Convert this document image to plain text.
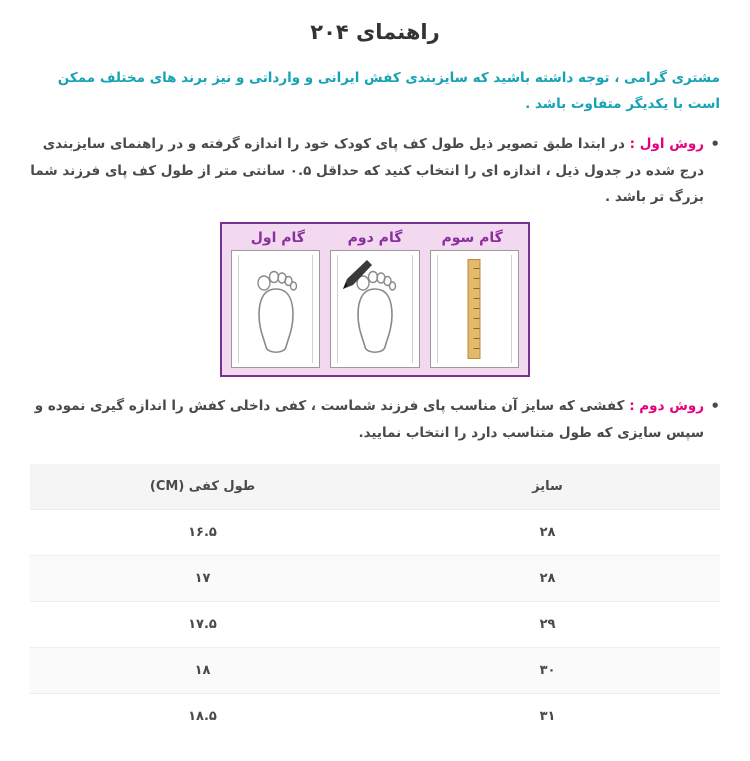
راهنمای ۲۰۴

مشتری گرامی ، توجه داشته باشید که سایزبندی کفش ایرانی و وارداتی و نیز برند های مختلف ممکن است با یکدیگر متفاوت باشد .

• روش اول : در ابتدا طبق تصویر ذیل طول کف پای کودک خود را اندازه گرفته و در راهنمای سایزبندی درج شده در جدول ذیل ، اندازه ای را انتخاب کنید که حداقل ۰.۵ سانتی متر از طول کف پای فرزند شما بزرگ تر باشد .
گام سوم
گام دوم
گام اول
• روش دوم : کفشی که سایز آن مناسب پای فرزند شماست ، کفی داخلی کفش را اندازه گیری نموده و سپس سایزی که طول متناسب دارد را انتخاب نمایید.
سایز	طول کفی (CM)
۲۸	۱۶.۵
۲۸	۱۷
۲۹	۱۷.۵
۳۰	۱۸
۳۱	۱۸.۵
